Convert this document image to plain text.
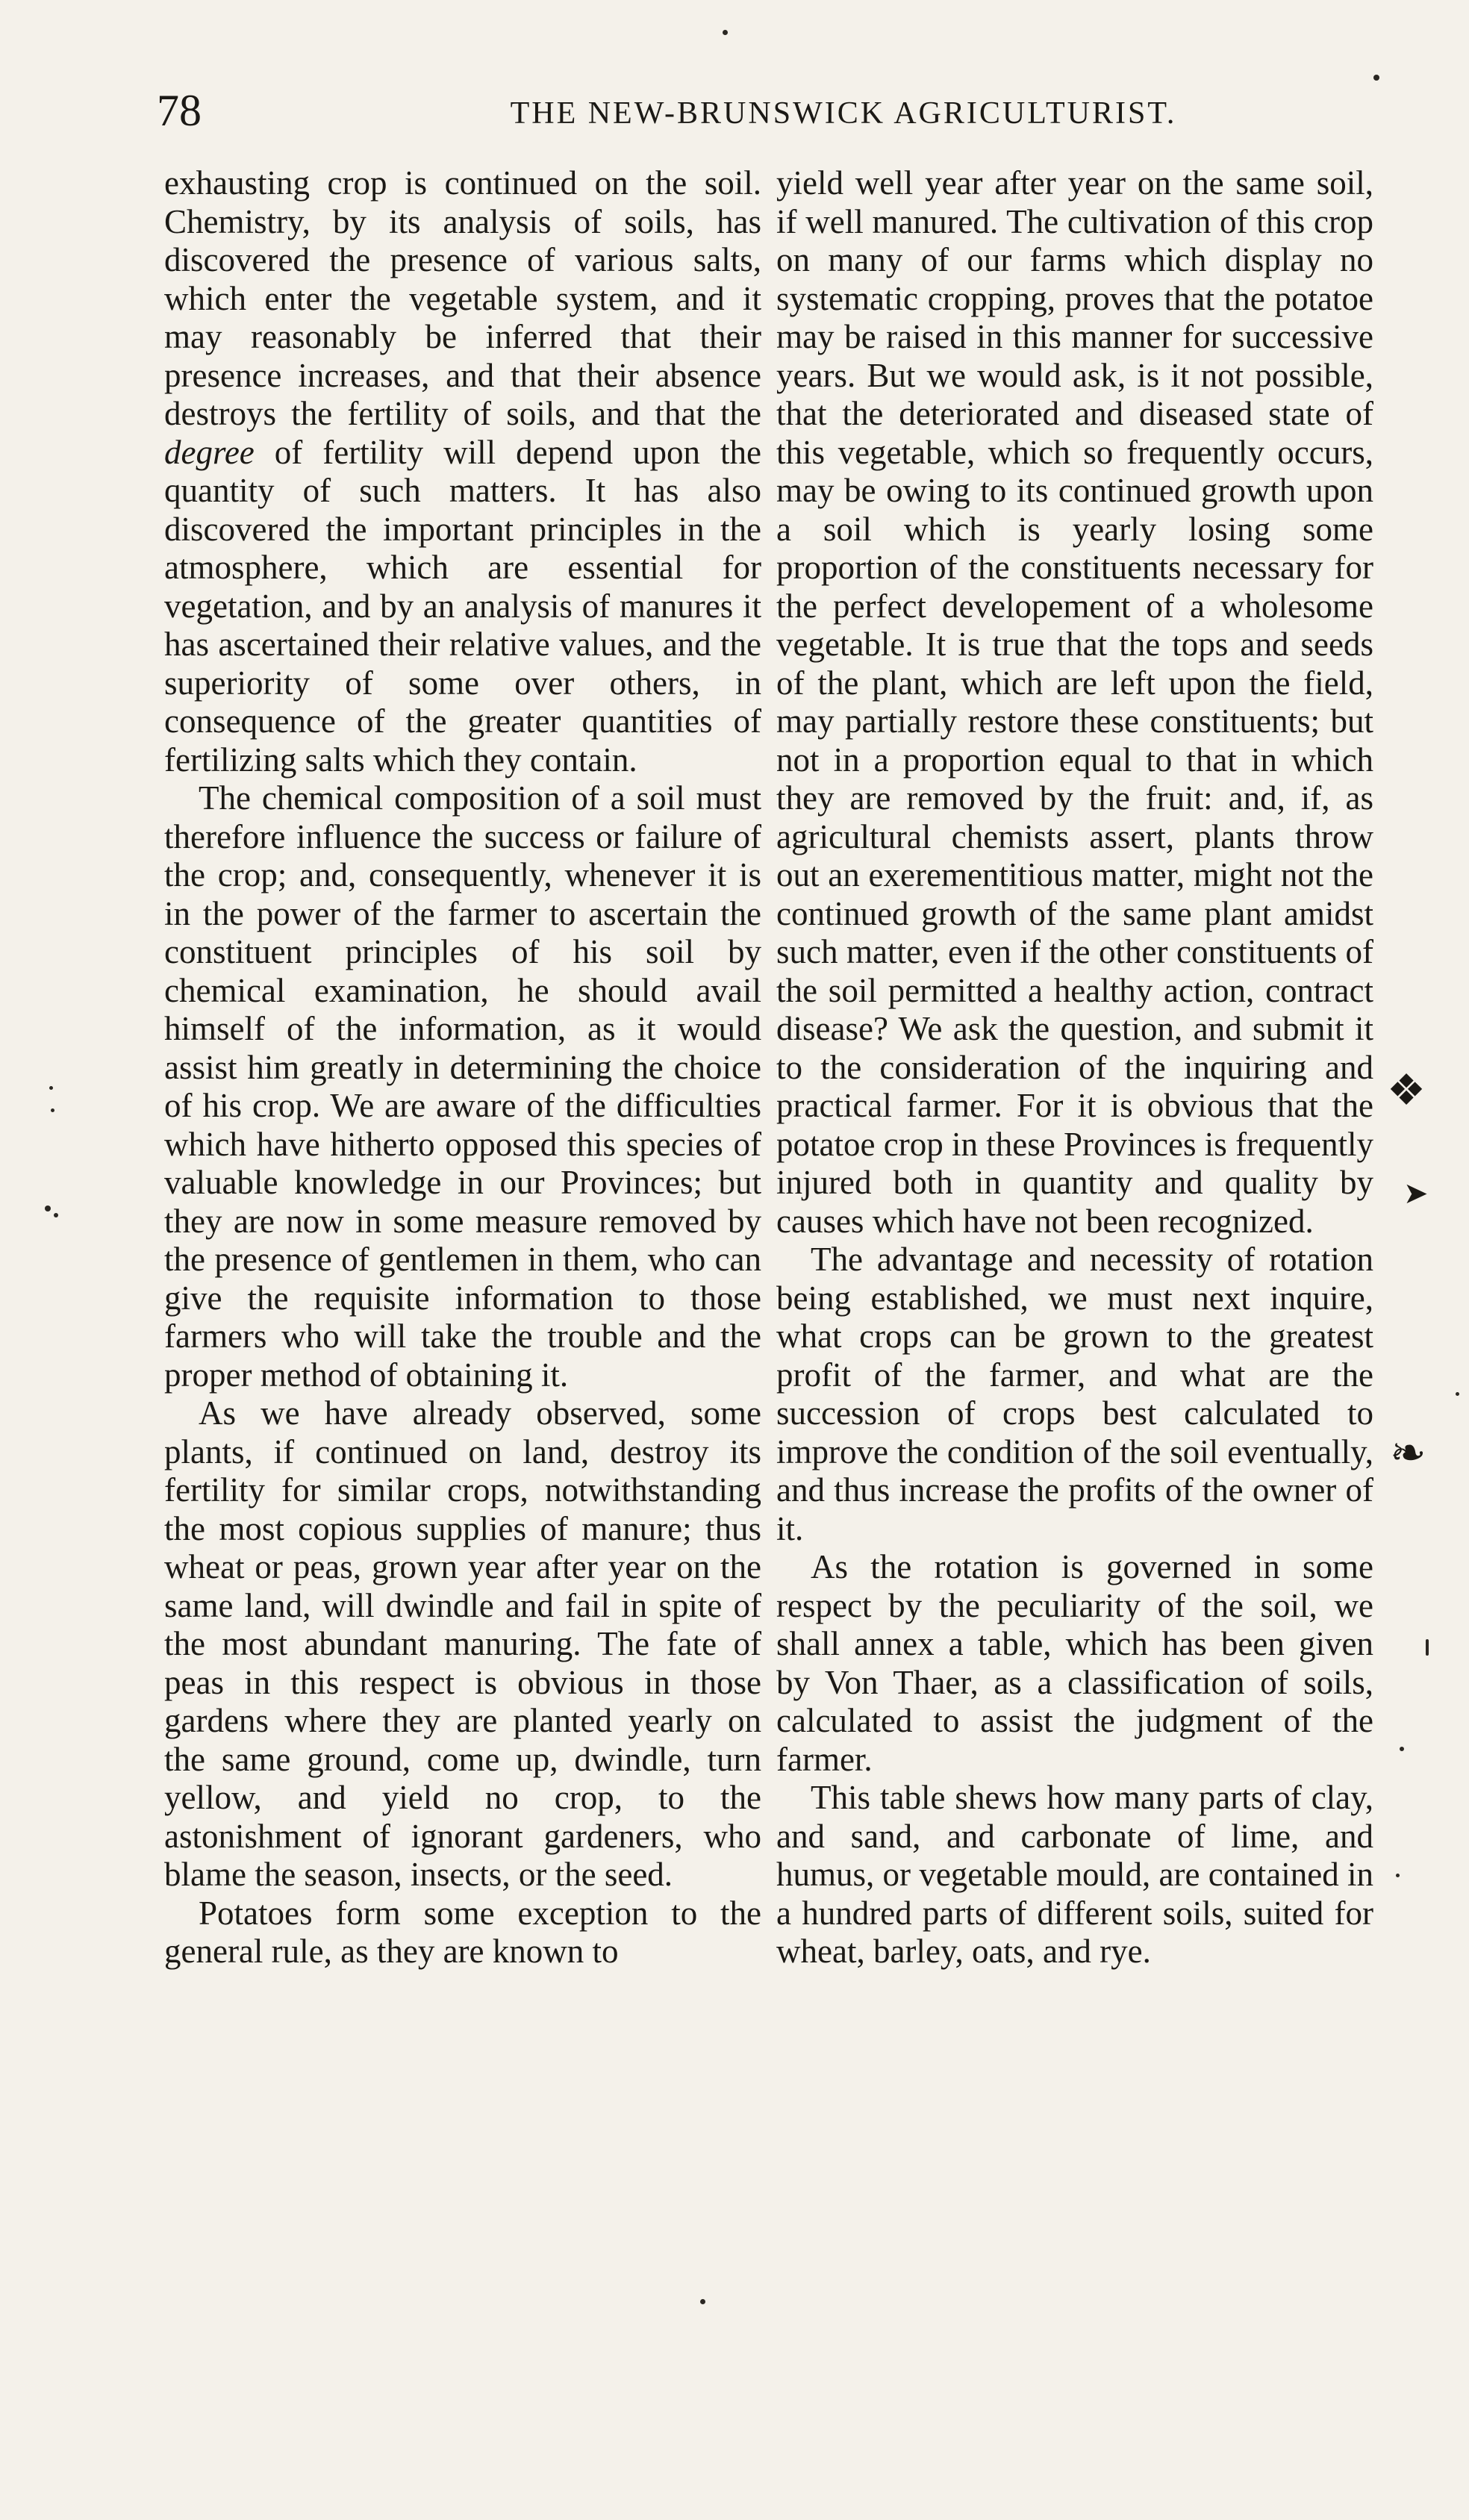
78	THE NEW-BRUNSWICK AGRICULTURIST.

exhausting crop is continued on the soil. Chemistry, by its analysis of soils, has discovered the presence of various salts, which enter the vegetable system, and it may reasonably be inferred that their presence increases, and that their absence destroys the fertility of soils, and that the degree of fertility will depend upon the quantity of such matters. It has also discovered the important principles in the atmosphere, which are essential for vegetation, and by an analysis of manures it has ascertained their relative values, and the superiority of some over others, in consequence of the greater quantities of fertilizing salts which they contain.

The chemical composition of a soil must therefore influence the success or failure of the crop; and, consequently, whenever it is in the power of the farmer to ascertain the constituent principles of his soil by chemical examination, he should avail himself of the information, as it would assist him greatly in determining the choice of his crop. We are aware of the difficulties which have hitherto opposed this species of valuable knowledge in our Provinces; but they are now in some measure removed by the presence of gentlemen in them, who can give the requisite information to those farmers who will take the trouble and the proper method of obtaining it.

As we have already observed, some plants, if continued on land, destroy its fertility for similar crops, notwithstanding the most copious supplies of manure; thus wheat or peas, grown year after year on the same land, will dwindle and fail in spite of the most abundant manuring. The fate of peas in this respect is obvious in those gardens where they are planted yearly on the same ground, come up, dwindle, turn yellow, and yield no crop, to the astonishment of ignorant gardeners, who blame the season, insects, or the seed.

Potatoes form some exception to the general rule, as they are known to

yield well year after year on the same soil, if well manured. The cultivation of this crop on many of our farms which display no systematic cropping, proves that the potatoe may be raised in this manner for successive years. But we would ask, is it not possible, that the deteriorated and diseased state of this vegetable, which so frequently occurs, may be owing to its continued growth upon a soil which is yearly losing some proportion of the constituents necessary for the perfect developement of a wholesome vegetable. It is true that the tops and seeds of the plant, which are left upon the field, may partially restore these constituents; but not in a proportion equal to that in which they are removed by the fruit: and, if, as agricultural chemists assert, plants throw out an exerementitious matter, might not the continued growth of the same plant amidst such matter, even if the other constituents of the soil permitted a healthy action, contract disease? We ask the question, and submit it to the consideration of the inquiring and practical farmer. For it is obvious that the potatoe crop in these Provinces is frequently injured both in quantity and quality by causes which have not been recognized.

The advantage and necessity of rotation being established, we must next inquire, what crops can be grown to the greatest profit of the farmer, and what are the succession of crops best calculated to improve the condition of the soil eventually, and thus increase the profits of the owner of it.

As the rotation is governed in some respect by the peculiarity of the soil, we shall annex a table, which has been given by Von Thaer, as a classification of soils, calculated to assist the judgment of the farmer.

This table shews how many parts of clay, and sand, and carbonate of lime, and humus, or vegetable mould, are contained in a hundred parts of different soils, suited for wheat, barley, oats, and rye.

❖
➤
❧
